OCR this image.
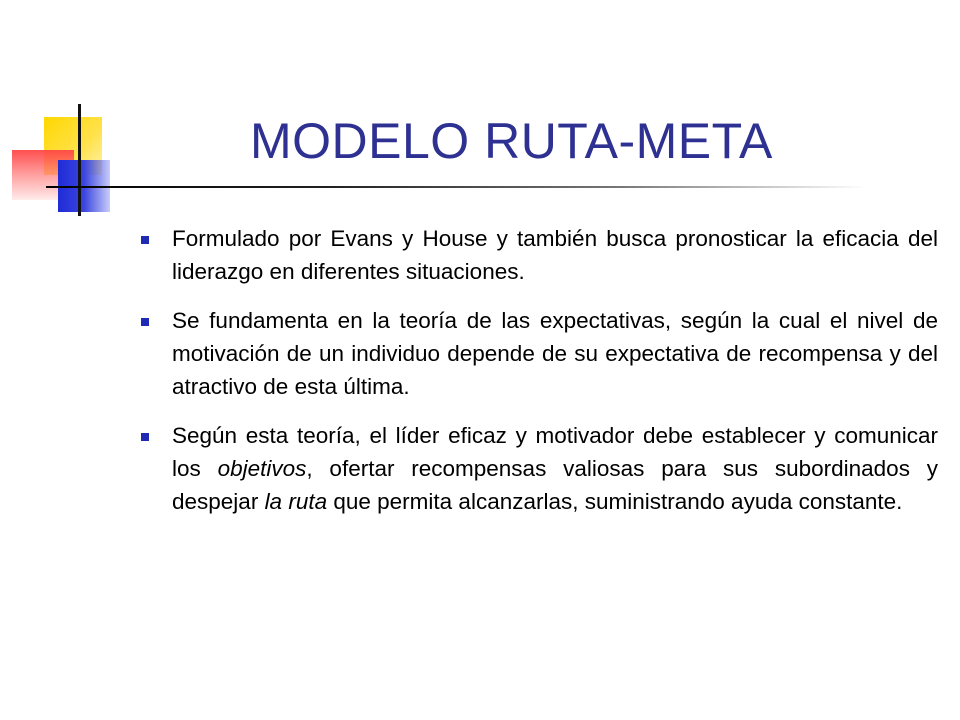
MODELO RUTA-META
Formulado por Evans y House y también busca pronosticar la eficacia del liderazgo en diferentes situaciones.
Se fundamenta en la teoría de las expectativas, según la cual el nivel de motivación de un individuo depende de su expectativa de recompensa y del atractivo de esta última.
Según esta teoría, el líder eficaz y motivador debe establecer y comunicar los objetivos, ofertar recompensas valiosas para sus subordinados y despejar la ruta que permita alcanzarlas, suministrando ayuda constante.
